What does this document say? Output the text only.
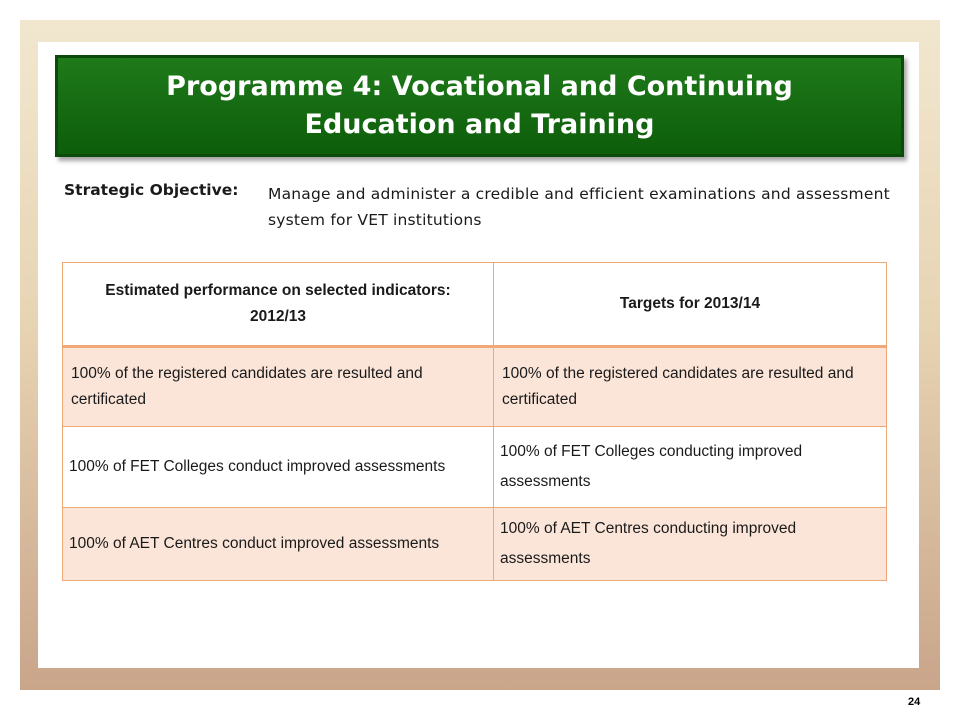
Programme 4: Vocational and Continuing
Education and Training
Strategic Objective: Manage and administer a credible and efficient examinations and assessment system for VET institutions
Estimated performance on selected indicators: 2012/13	Targets for 2013/14
100% of the registered candidates are resulted and certificated	100% of the registered candidates are resulted and certificated
100% of FET Colleges conduct improved assessments	100% of FET Colleges conducting improved assessments
100% of AET Centres conduct improved assessments	100% of AET Centres conducting improved assessments
24
